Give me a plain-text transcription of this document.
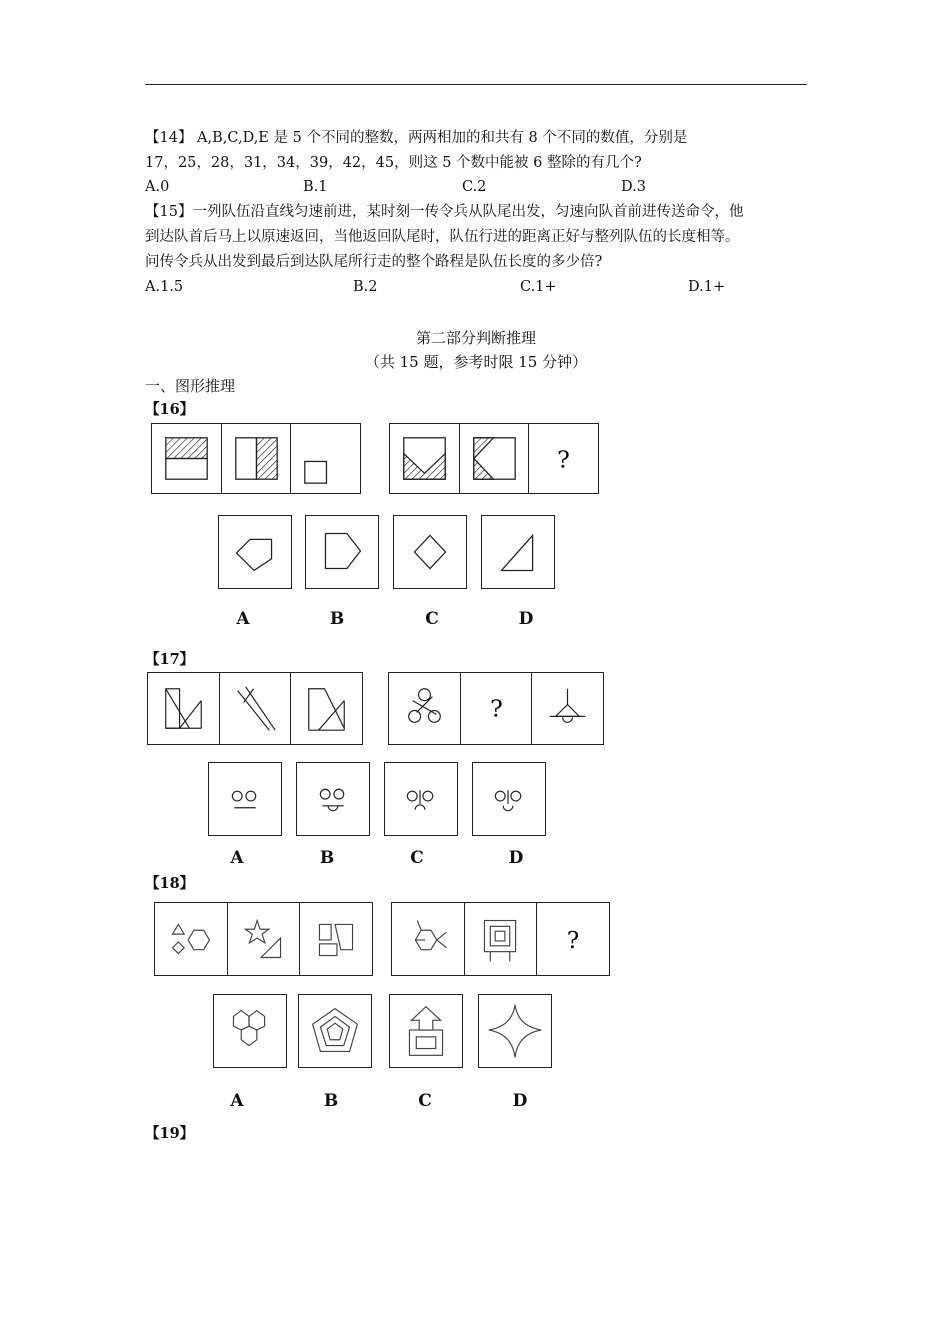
【14】 A,B,C,D,E 是 5 个不同的整数，两两相加的和共有 8 个不同的数值，分别是
17，25，28，31，34，39，42，45，则这 5 个数中能被 6 整除的有几个?
A.0	B.1	C.2	D.3
【15】一列队伍沿直线匀速前进，某时刻一传令兵从队尾出发，匀速向队首前进传送命令，他
到达队首后马上以原速返回，当他返回队尾时，队伍行进的距离正好与整列队伍的长度相等。
问传令兵从出发到最后到达队尾所行走的整个路程是队伍长度的多少倍?
A.1.5	B.2	C.1+	D.1+
第二部分判断推理
（共 15 题，参考时限 15 分钟）
一、图形推理
【16】
?
A	B	C	D
【17】
?
A	B	C	D
【18】
?
A	B	C	D
【19】
